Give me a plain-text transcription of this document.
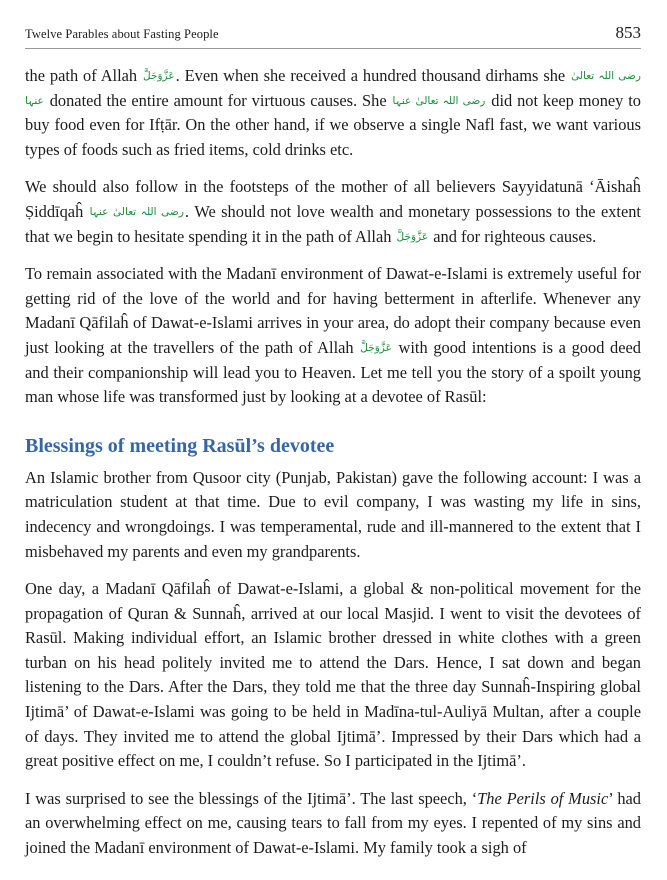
Twelve Parables about Fasting People	853

the path of Allah عَزَّوَجَلَّ. Even when she received a hundred thousand dirhams she رضی اللہ تعالیٰ عنہا donated the entire amount for virtuous causes. She رضی اللہ تعالیٰ عنہا did not keep money to buy food even for Ifṭār. On the other hand, if we observe a single Nafl fast, we want various types of foods such as fried items, cold drinks etc.

We should also follow in the footsteps of the mother of all believers Sayyidatunā ‘Āishaĥ Ṣiddīqaĥ رضی اللہ تعالیٰ عنہا. We should not love wealth and monetary possessions to the extent that we begin to hesitate spending it in the path of Allah عَزَّوَجَلَّ and for righteous causes.

To remain associated with the Madanī environment of Dawat-e-Islami is extremely useful for getting rid of the love of the world and for having betterment in afterlife. Whenever any Madanī Qāfilaĥ of Dawat-e-Islami arrives in your area, do adopt their company because even just looking at the travellers of the path of Allah عَزَّوَجَلَّ with good intentions is a good deed and their companionship will lead you to Heaven. Let me tell you the story of a spoilt young man whose life was transformed just by looking at a devotee of Rasūl:

Blessings of meeting Rasūl’s devotee

An Islamic brother from Qusoor city (Punjab, Pakistan) gave the following account: I was a matriculation student at that time. Due to evil company, I was wasting my life in sins, indecency and wrongdoings. I was temperamental, rude and ill-mannered to the extent that I misbehaved my parents and even my grandparents.

One day, a Madanī Qāfilaĥ of Dawat-e-Islami, a global & non-political movement for the propagation of Quran & Sunnaĥ, arrived at our local Masjid. I went to visit the devotees of Rasūl. Making individual effort, an Islamic brother dressed in white clothes with a green turban on his head politely invited me to attend the Dars. Hence, I sat down and began listening to the Dars. After the Dars, they told me that the three day Sunnaĥ-Inspiring global Ijtimā’ of Dawat-e-Islami was going to be held in Madīna-tul-Auliyā Multan, after a couple of days. They invited me to attend the global Ijtimā’. Impressed by their Dars which had a great positive effect on me, I couldn’t refuse. So I participated in the Ijtimā’.

I was surprised to see the blessings of the Ijtimā’. The last speech, ‘The Perils of Music’ had an overwhelming effect on me, causing tears to fall from my eyes. I repented of my sins and joined the Madanī environment of Dawat-e-Islami. My family took a sigh of
